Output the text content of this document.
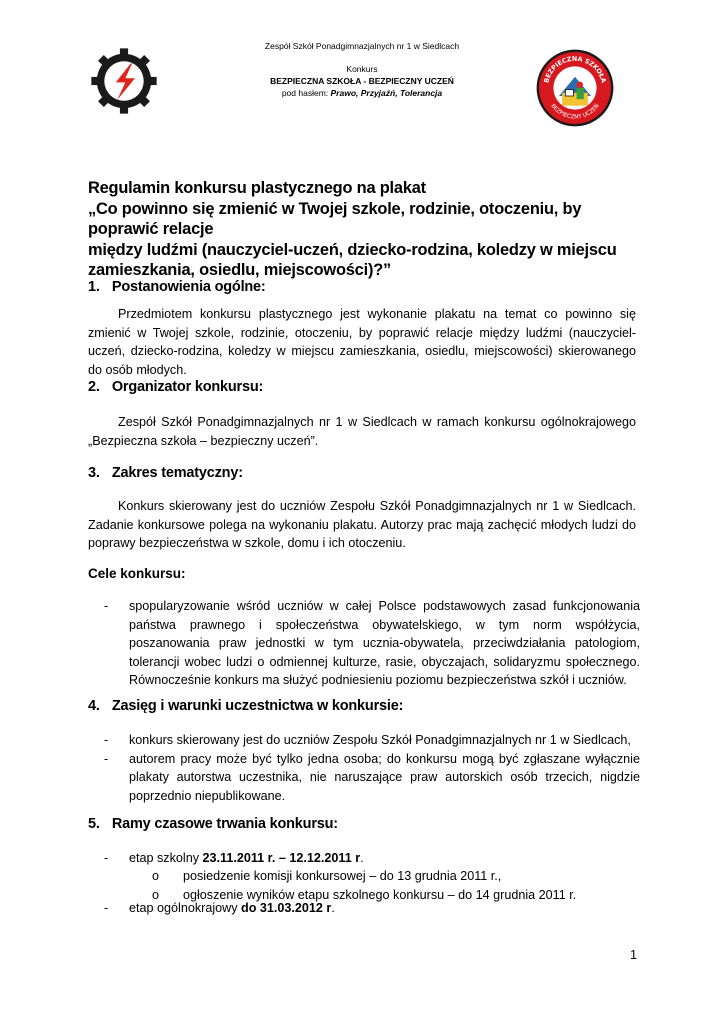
Zespół Szkół Ponadgimnazjalnych nr 1 w Siedlcach
Konkurs
BEZPIECZNA SZKOŁA - BEZPIECZNY UCZEŃ
pod hasłem: Prawo, Przyjaźń, Tolerancja
BEZPIECZNA SZKOŁA
BEZPIECZNY UCZEŃ

Regulamin konkursu plastycznego na plakat

„Co powinno się zmienić w Twojej szkole, rodzinie, otoczeniu, by poprawić relacje

między ludźmi (nauczyciel-uczeń, dziecko-rodzina, koledzy w miejscu

zamieszkania, osiedlu, miejscowości)?”

1. Postanowienia ogólne:
Przedmiotem konkursu plastycznego jest wykonanie plakatu na temat co powinno się zmienić w Twojej szkole, rodzinie, otoczeniu, by poprawić relacje między ludźmi (nauczyciel-uczeń, dziecko-rodzina, koledzy w miejscu zamieszkania, osiedlu, miejscowości) skierowanego do osób młodych.
2. Organizator konkursu:
Zespół Szkół Ponadgimnazjalnych nr 1 w Siedlcach w ramach konkursu ogólnokrajowego „Bezpieczna szkoła – bezpieczny uczeń”.
3. Zakres tematyczny:
Konkurs skierowany jest do uczniów Zespołu Szkół Ponadgimnazjalnych nr 1 w Siedlcach. Zadanie konkursowe polega na wykonaniu plakatu. Autorzy prac mają zachęcić młodych ludzi do poprawy bezpieczeństwa w szkole, domu i ich otoczeniu.
Cele konkursu:
- spopularyzowanie wśród uczniów w całej Polsce podstawowych zasad funkcjonowania państwa prawnego i społeczeństwa obywatelskiego, w tym norm współżycia, poszanowania praw jednostki w tym ucznia-obywatela, przeciwdziałania patologiom, tolerancji wobec ludzi o odmiennej kulturze, rasie, obyczajach, solidaryzmu społecznego. Równocześnie konkurs ma służyć podniesieniu poziomu bezpieczeństwa szkół i uczniów.
4. Zasięg i warunki uczestnictwa w konkursie:
- konkurs skierowany jest do uczniów Zespołu Szkół Ponadgimnazjalnych nr 1 w Siedlcach,
- autorem pracy może być tylko jedna osoba; do konkursu mogą być zgłaszane wyłącznie plakaty autorstwa uczestnika, nie naruszające praw autorskich osób trzecich, nigdzie poprzednio niepublikowane.
5. Ramy czasowe trwania konkursu:
- etap szkolny 23.11.2011 r. – 12.12.2011 r.
o posiedzenie komisji konkursowej – do 13 grudnia 2011 r.,
o ogłoszenie wyników etapu szkolnego konkursu – do 14 grudnia 2011 r.
- etap ogólnokrajowy do 31.03.2012 r.
1
